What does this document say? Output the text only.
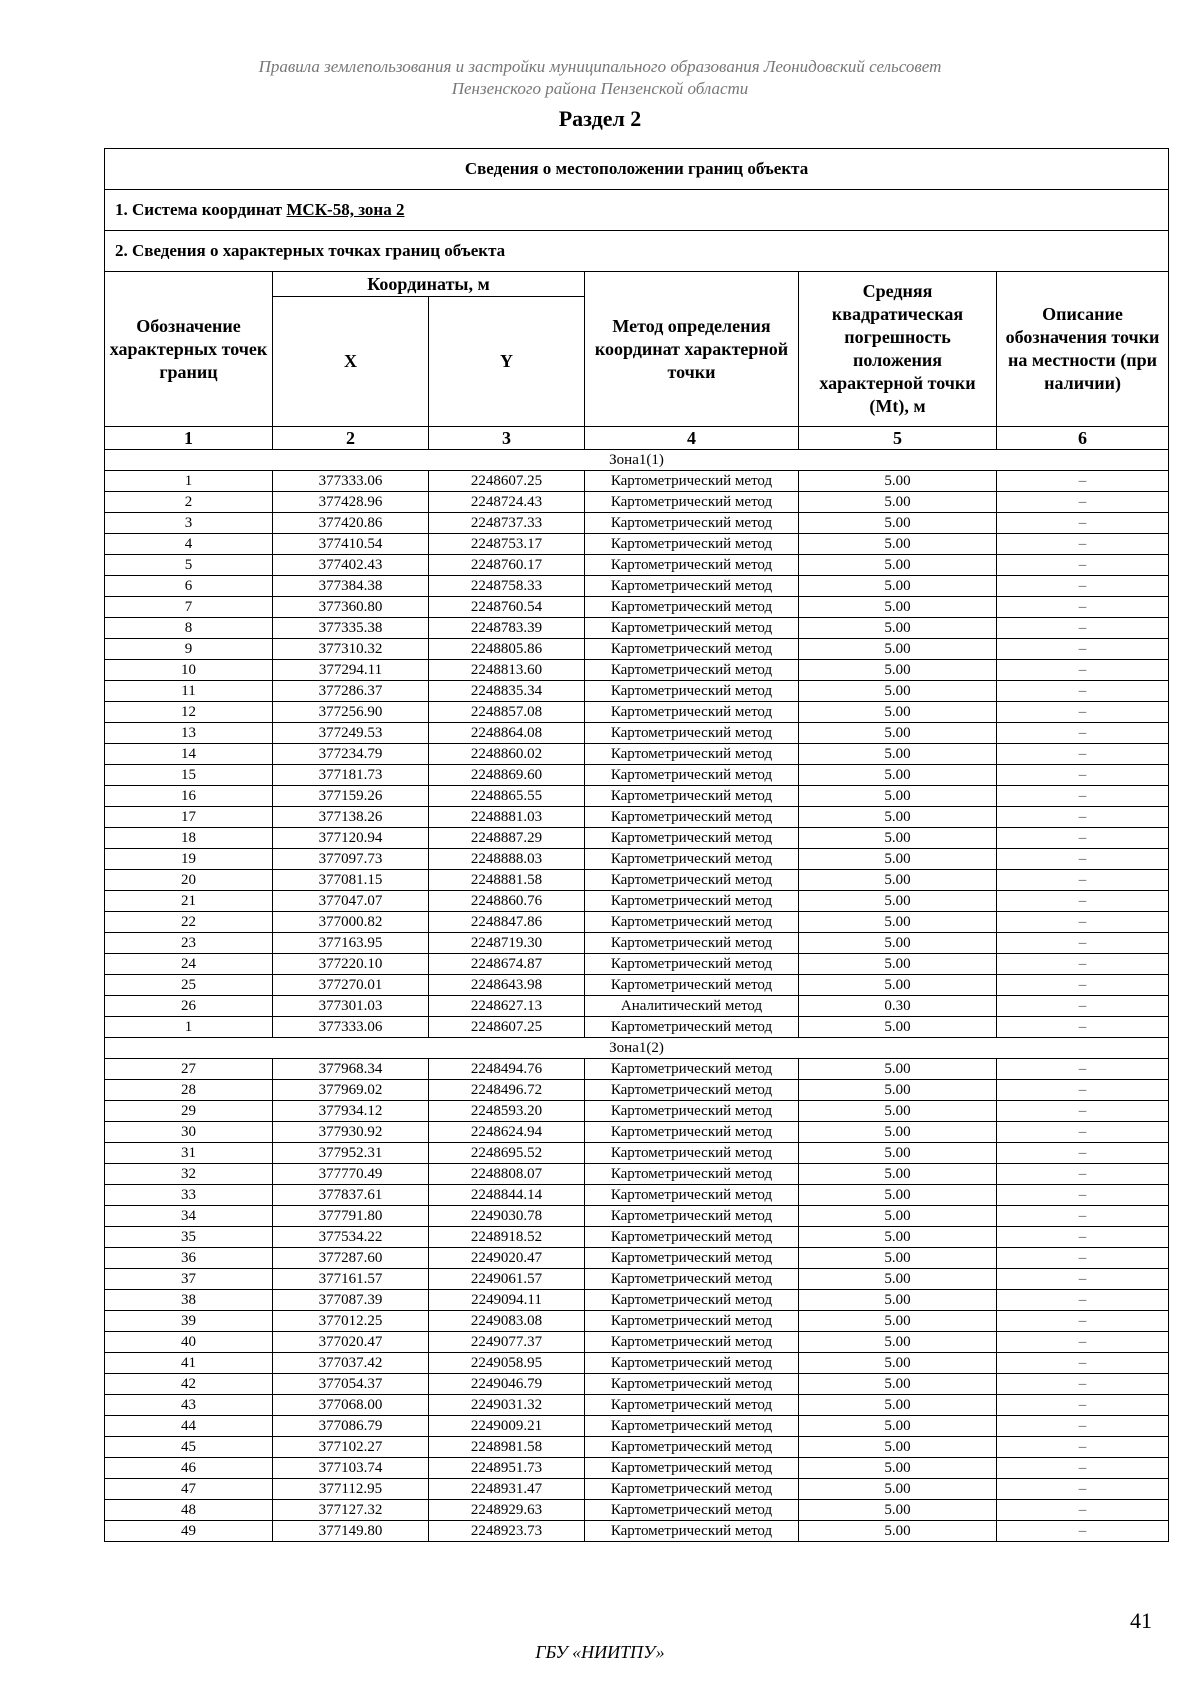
Правила землепользования и застройки муниципального образования Леонидовский сельсовет
Пензенского района Пензенской области
Раздел 2
Сведения о местоположении границ объекта					
1. Система координат МСК-58, зона 2					
2. Сведения о характерных точках границ объекта					
Обозначение характерных точек границ	Координаты, м		Метод определения координат характерной точки	Средняя квадратическая погрешность положения характерной точки (Mt), м	Описание обозначения точки на местности (при наличии)
	X	Y			
1	2	3	4	5	6
Зона1(1)					
1	377333.06	2248607.25	Картометрический метод	5.00	–
2	377428.96	2248724.43	Картометрический метод	5.00	–
3	377420.86	2248737.33	Картометрический метод	5.00	–
4	377410.54	2248753.17	Картометрический метод	5.00	–
5	377402.43	2248760.17	Картометрический метод	5.00	–
6	377384.38	2248758.33	Картометрический метод	5.00	–
7	377360.80	2248760.54	Картометрический метод	5.00	–
8	377335.38	2248783.39	Картометрический метод	5.00	–
9	377310.32	2248805.86	Картометрический метод	5.00	–
10	377294.11	2248813.60	Картометрический метод	5.00	–
11	377286.37	2248835.34	Картометрический метод	5.00	–
12	377256.90	2248857.08	Картометрический метод	5.00	–
13	377249.53	2248864.08	Картометрический метод	5.00	–
14	377234.79	2248860.02	Картометрический метод	5.00	–
15	377181.73	2248869.60	Картометрический метод	5.00	–
16	377159.26	2248865.55	Картометрический метод	5.00	–
17	377138.26	2248881.03	Картометрический метод	5.00	–
18	377120.94	2248887.29	Картометрический метод	5.00	–
19	377097.73	2248888.03	Картометрический метод	5.00	–
20	377081.15	2248881.58	Картометрический метод	5.00	–
21	377047.07	2248860.76	Картометрический метод	5.00	–
22	377000.82	2248847.86	Картометрический метод	5.00	–
23	377163.95	2248719.30	Картометрический метод	5.00	–
24	377220.10	2248674.87	Картометрический метод	5.00	–
25	377270.01	2248643.98	Картометрический метод	5.00	–
26	377301.03	2248627.13	Аналитический метод	0.30	–
1	377333.06	2248607.25	Картометрический метод	5.00	–
Зона1(2)					
27	377968.34	2248494.76	Картометрический метод	5.00	–
28	377969.02	2248496.72	Картометрический метод	5.00	–
29	377934.12	2248593.20	Картометрический метод	5.00	–
30	377930.92	2248624.94	Картометрический метод	5.00	–
31	377952.31	2248695.52	Картометрический метод	5.00	–
32	377770.49	2248808.07	Картометрический метод	5.00	–
33	377837.61	2248844.14	Картометрический метод	5.00	–
34	377791.80	2249030.78	Картометрический метод	5.00	–
35	377534.22	2248918.52	Картометрический метод	5.00	–
36	377287.60	2249020.47	Картометрический метод	5.00	–
37	377161.57	2249061.57	Картометрический метод	5.00	–
38	377087.39	2249094.11	Картометрический метод	5.00	–
39	377012.25	2249083.08	Картометрический метод	5.00	–
40	377020.47	2249077.37	Картометрический метод	5.00	–
41	377037.42	2249058.95	Картометрический метод	5.00	–
42	377054.37	2249046.79	Картометрический метод	5.00	–
43	377068.00	2249031.32	Картометрический метод	5.00	–
44	377086.79	2249009.21	Картометрический метод	5.00	–
45	377102.27	2248981.58	Картометрический метод	5.00	–
46	377103.74	2248951.73	Картометрический метод	5.00	–
47	377112.95	2248931.47	Картометрический метод	5.00	–
48	377127.32	2248929.63	Картометрический метод	5.00	–
49	377149.80	2248923.73	Картометрический метод	5.00	–
41
ГБУ «НИИТПУ»
